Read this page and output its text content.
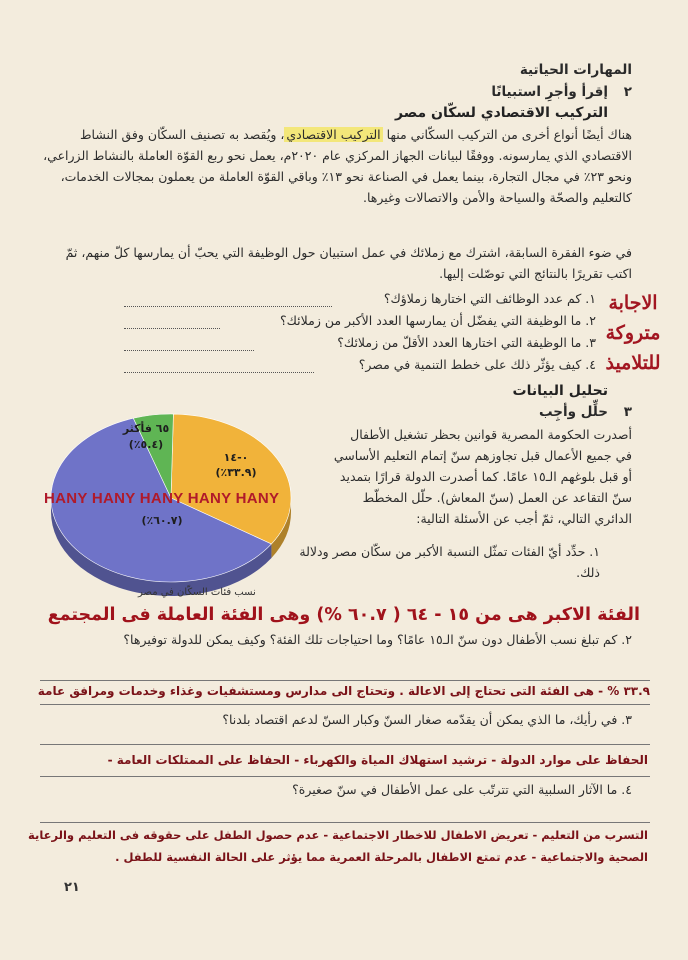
المهارات الحياتية
٢
إقرأ وأجرِ استبيانًا
التركيب الاقتصادي لسكّان مصر
هناك أيضًا أنواع أخرى من التركيب السكّاني منها التركيب الاقتصادي، ويُقصد به تصنيف السكّان وفق النشاط الاقتصادي الذي يمارسونه. ووفقًا لبيانات الجهاز المركزي عام ٢٠٢٠م، يعمل نحو ربع القوّة العاملة بالنشاط الزراعي، ونحو ٢٣٪ في مجال التجارة، بينما يعمل في الصناعة نحو ١٣٪ وباقي القوّة العاملة من يعملون بمجالات الخدمات، كالتعليم والصحّة والسياحة والأمن والاتصالات وغيرها.
في ضوء الفقرة السابقة، اشترك مع زملائك في عمل استبيان حول الوظيفة التي يحبّ أن يمارسها كلّ منهم، ثمّ اكتب تقريرًا بالنتائج التي توصّلت إليها.
١. كم عدد الوظائف التي اختارها زملاؤك؟
٢. ما الوظيفة التي يفضّل أن يمارسها العدد الأكبر من زملائك؟
٣. ما الوظيفة التي اختارها العدد الأقلّ من زملائك؟
٤. كيف يؤثّر ذلك على خطط التنمية في مصر؟
الاجابة
متروكة
للتلاميذ
تحليل البيانات
٣
حلِّل وأجِب
أصدرت الحكومة المصرية قوانين بحظر تشغيل الأطفال في جميع الأعمال قبل تجاوزهم سنّ إتمام التعليم الأساسي أو قبل بلوغهم الـ١٥ عامًا. كما أصدرت الدولة قرارًا بتمديد سنّ التقاعد عن العمل (سنّ المعاش). حلّل المخطّط الدائري التالي، ثمّ أجب عن الأسئلة التالية:
(٪٦٠.٧)
(٪٣٣.٩)
٠-١٤
(٪٥.٤)
٦٥ فأكثر
HANY HANY HANY HANY HANY
نسب فئات السكّان في مصر
١. حدِّد أيّ الفئات تمثّل النسبة الأكبر من سكّان مصر ودلالة ذلك.
الفئة الاكبر هى من ١٥ - ٦٤ ( ٦٠.٧ %) وهى الفئة العاملة فى المجتمع
٢. كم تبلغ نسب الأطفال دون سنّ الـ١٥ عامًا؟ وما احتياجات تلك الفئة؟ وكيف يمكن للدولة توفيرها؟
٣٣.٩ % - هى الفئة التى تحتاج إلى الاعالة . وتحتاج الى مدارس ومستشفيات وغذاء وخدمات ومرافق عامة
٣. في رأيك، ما الذي يمكن أن يقدّمه صغار السنّ وكبار السنّ لدعم اقتصاد بلدنا؟
الحفاظ على موارد الدولة - ترشيد استهلاك المياة والكهرباء - الحفاظ على الممتلكات العامة -
٤. ما الآثار السلبية التي تترتّب على عمل الأطفال في سنّ صغيرة؟
التسرب من التعليم - تعريض الاطفال للاخطار الاجتماعية - عدم حصول الطفل على حقوقه فى التعليم والرعاية
الصحية والاجتماعية - عدم تمتع الاطفال بالمرحلة العمرية مما يؤثر على الحالة النفسية للطفل .
٢١
